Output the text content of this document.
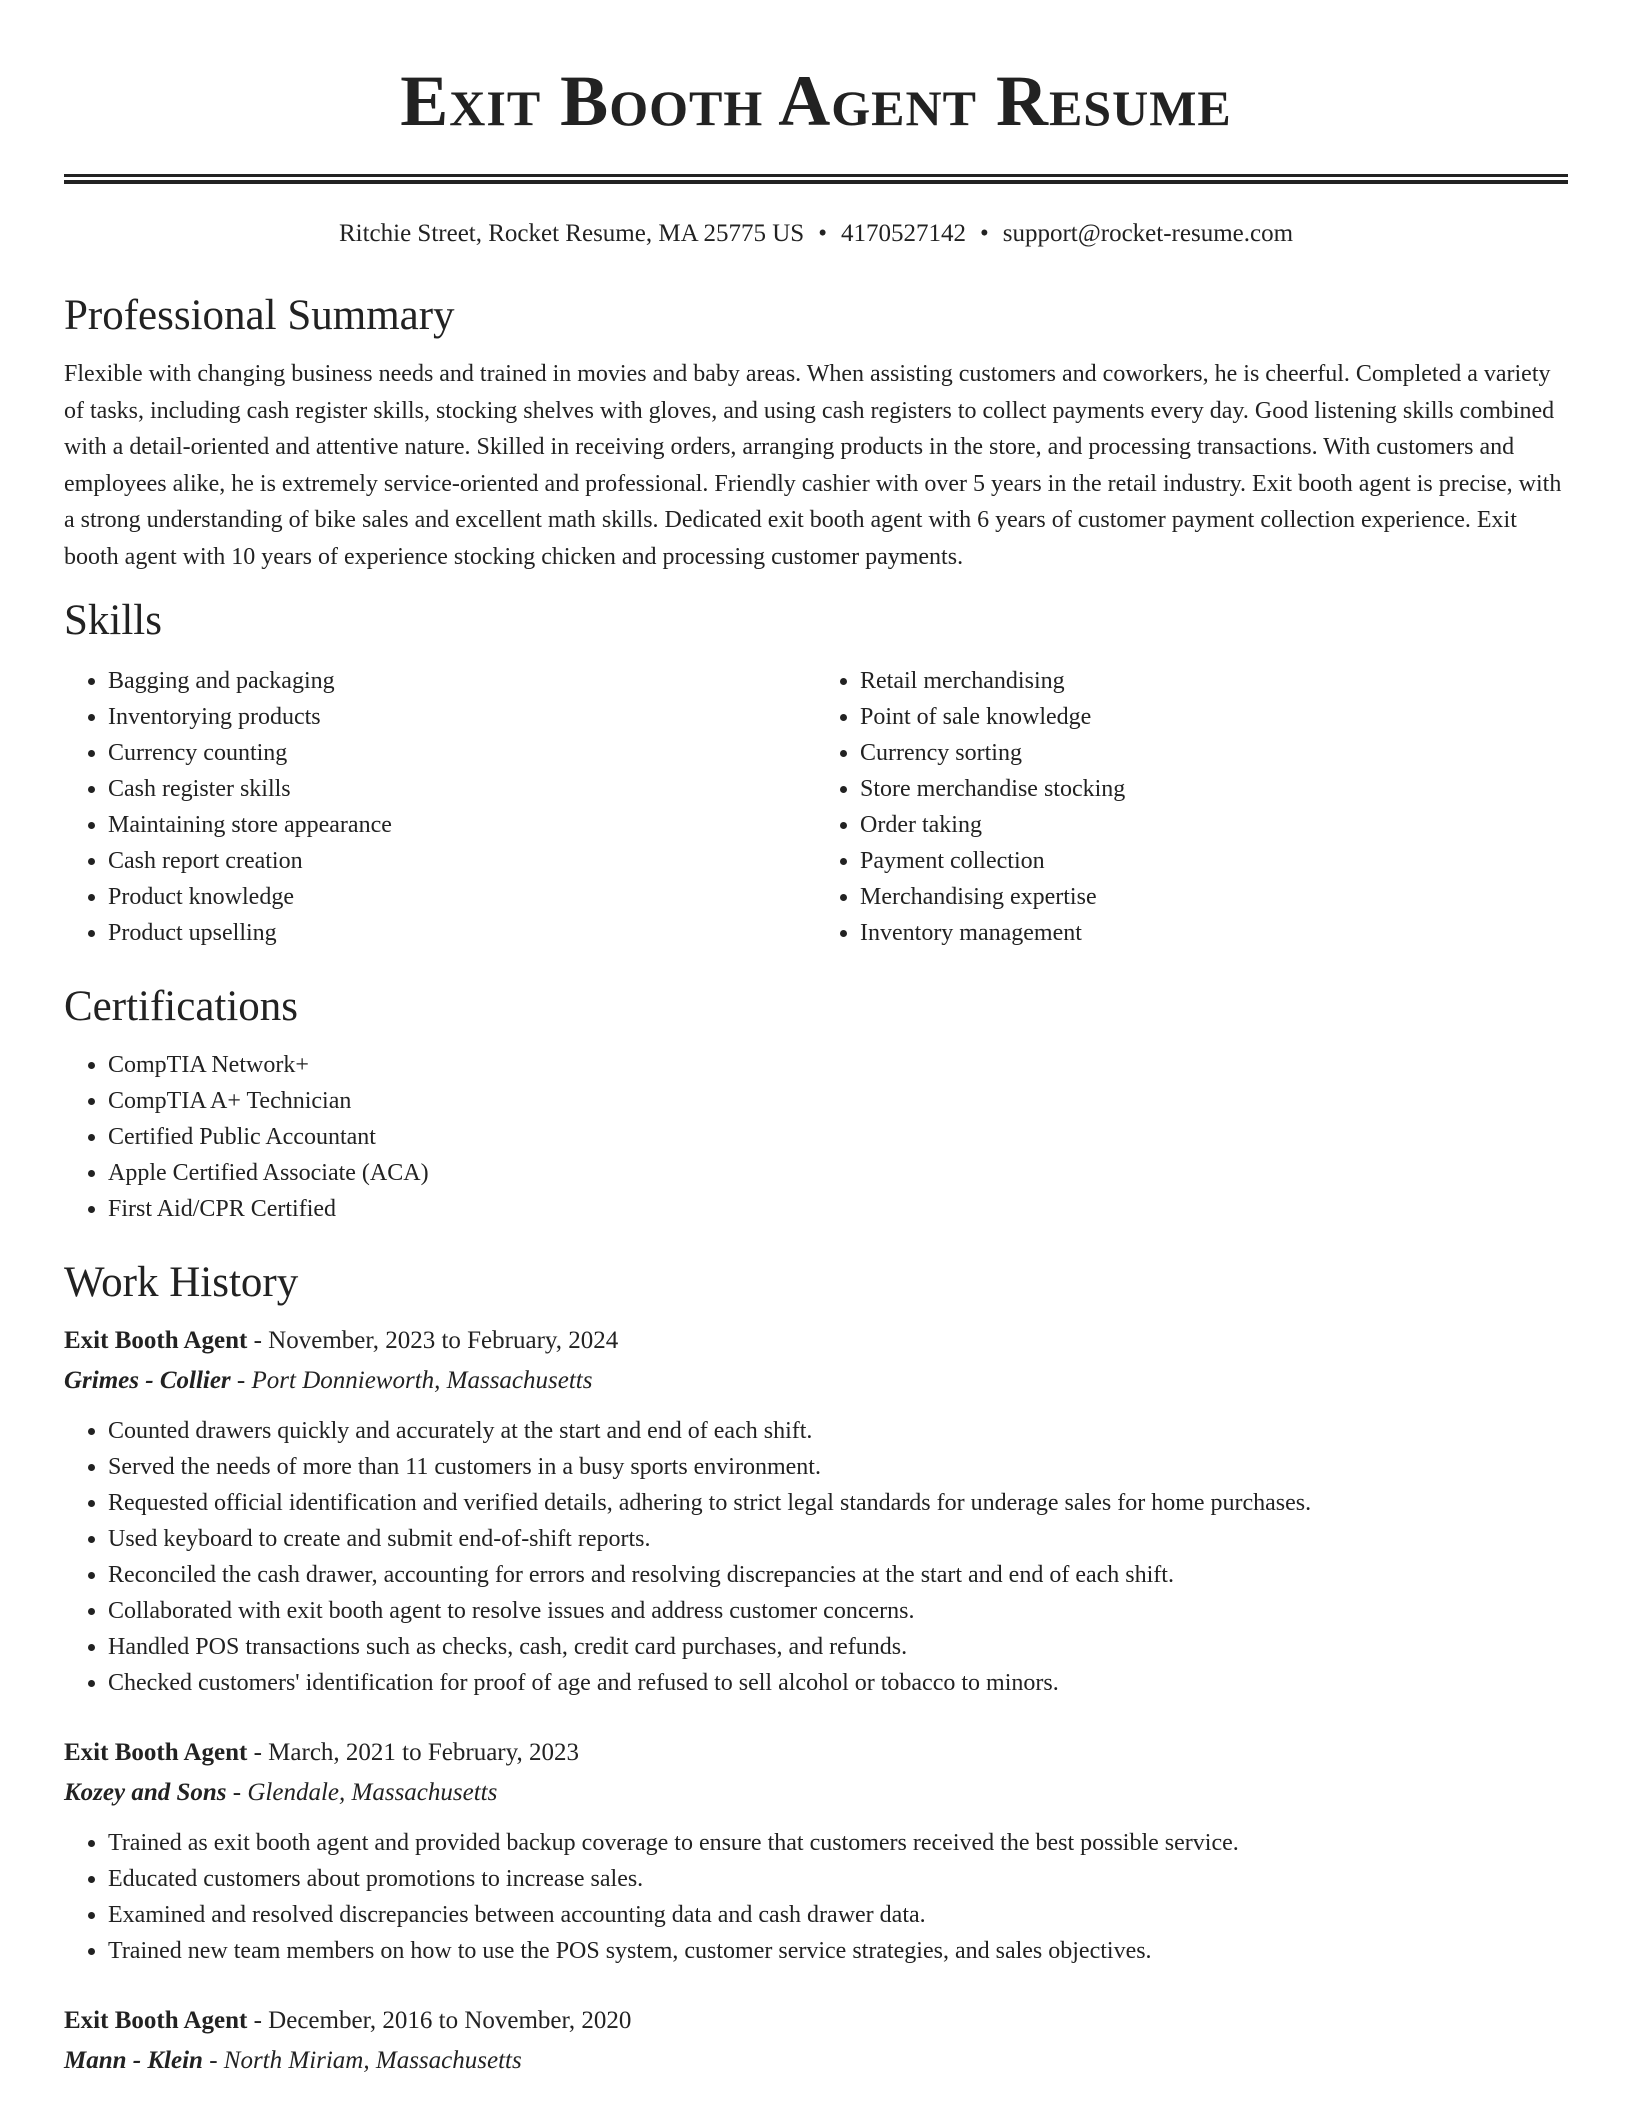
Exit Booth Agent Resume
Ritchie Street, Rocket Resume, MA 25775 US • 4170527142 • support@rocket-resume.com
Professional Summary

Flexible with changing business needs and trained in movies and baby areas. When assisting customers and coworkers, he is cheerful. Completed a variety of tasks, including cash register skills, stocking shelves with gloves, and using cash registers to collect payments every day. Good listening skills combined with a detail-oriented and attentive nature. Skilled in receiving orders, arranging products in the store, and processing transactions. With customers and employees alike, he is extremely service-oriented and professional. Friendly cashier with over 5 years in the retail industry. Exit booth agent is precise, with a strong understanding of bike sales and excellent math skills. Dedicated exit booth agent with 6 years of customer payment collection experience. Exit booth agent with 10 years of experience stocking chicken and processing customer payments.

Skills
• Bagging and packaging
• Inventorying products
• Currency counting
• Cash register skills
• Maintaining store appearance
• Cash report creation
• Product knowledge
• Product upselling
• Retail merchandising
• Point of sale knowledge
• Currency sorting
• Store merchandise stocking
• Order taking
• Payment collection
• Merchandising expertise
• Inventory management
Certifications
• CompTIA Network+
• CompTIA A+ Technician
• Certified Public Accountant
• Apple Certified Associate (ACA)
• First Aid/CPR Certified
Work History
Exit Booth Agent - November, 2023 to February, 2024
Grimes - Collier - Port Donnieworth, Massachusetts
• Counted drawers quickly and accurately at the start and end of each shift.
• Served the needs of more than 11 customers in a busy sports environment.
• Requested official identification and verified details, adhering to strict legal standards for underage sales for home purchases.
• Used keyboard to create and submit end-of-shift reports.
• Reconciled the cash drawer, accounting for errors and resolving discrepancies at the start and end of each shift.
• Collaborated with exit booth agent to resolve issues and address customer concerns.
• Handled POS transactions such as checks, cash, credit card purchases, and refunds.
• Checked customers' identification for proof of age and refused to sell alcohol or tobacco to minors.
Exit Booth Agent - March, 2021 to February, 2023
Kozey and Sons - Glendale, Massachusetts
• Trained as exit booth agent and provided backup coverage to ensure that customers received the best possible service.
• Educated customers about promotions to increase sales.
• Examined and resolved discrepancies between accounting data and cash drawer data.
• Trained new team members on how to use the POS system, customer service strategies, and sales objectives.
Exit Booth Agent - December, 2016 to November, 2020
Mann - Klein - North Miriam, Massachusetts
